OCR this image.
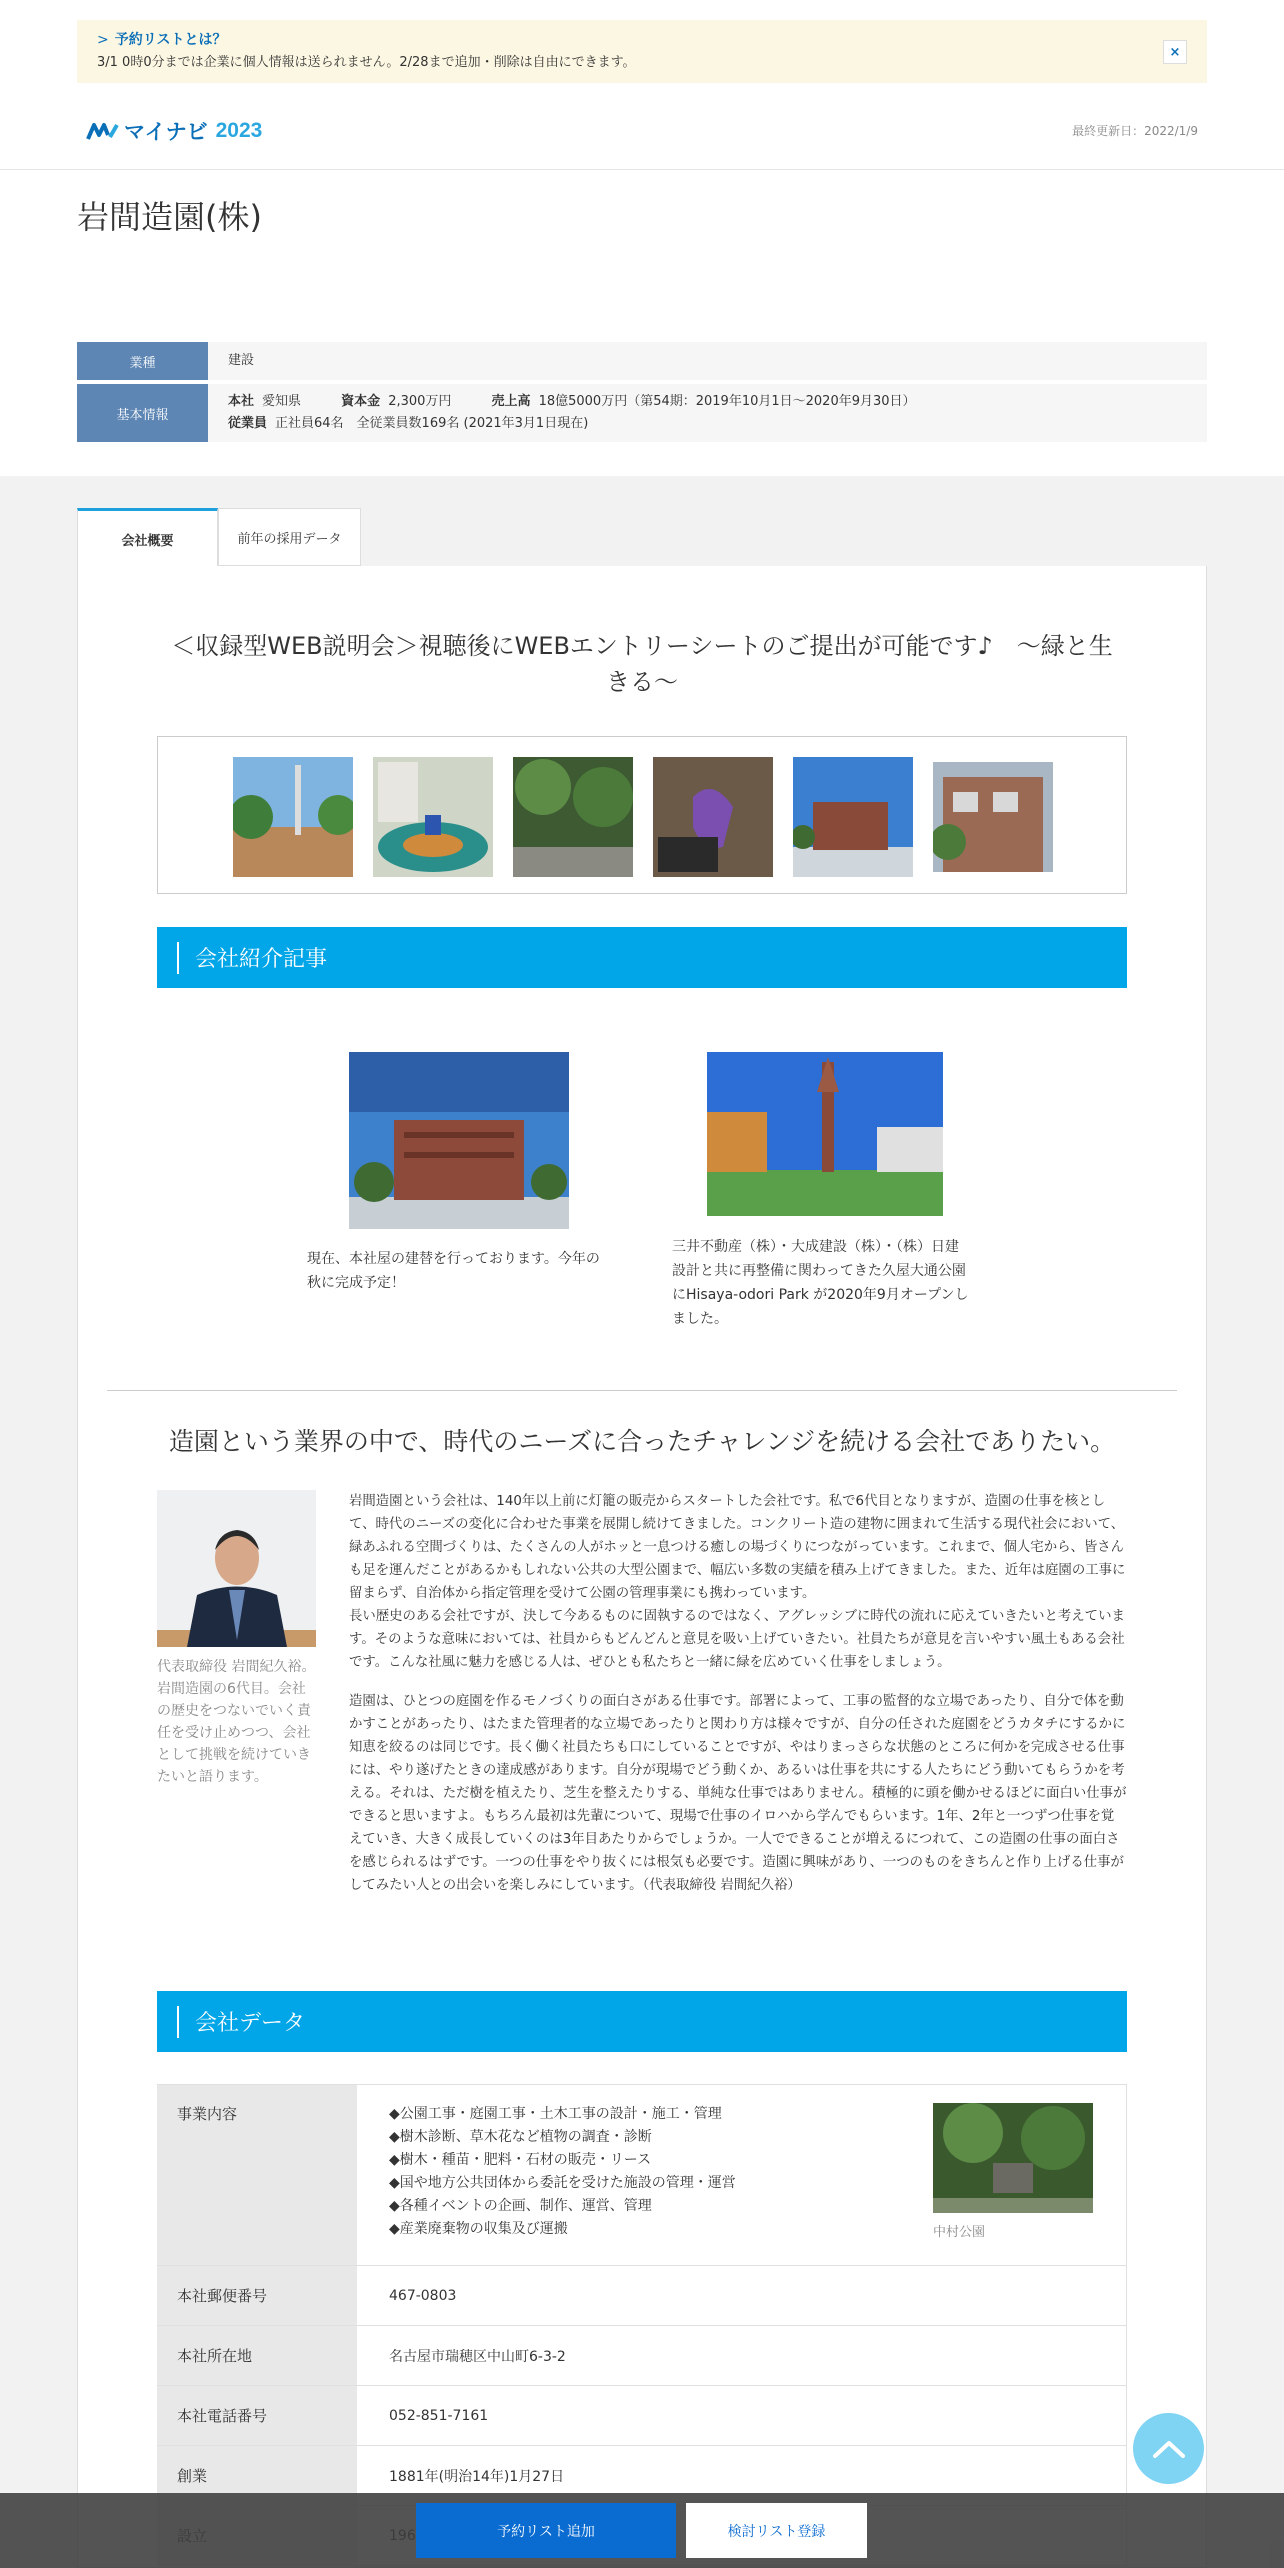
> 予約リストとは？
3/1 0時0分までは企業に個人情報は送られません。2/28まで追加・削除は自由にできます。
×
マイナビ 2023	最終更新日：2022/1/9
岩間造園(株)
業種	建設
基本情報
本社 愛知県	資本金 2,300万円	売上高 18億5000万円（第54期：2019年10月1日～2020年9月30日）
従業員 正社員64名　全従業員数169名 (2021年3月1日現在)
会社概要	前年の採用データ
＜収録型WEB説明会＞視聴後にWEBエントリーシートのご提出が可能です♪　～緑と生きる～
会社紹介記事
現在、本社屋の建替を行っております。今年の秋に完成予定！
三井不動産（株）・大成建設（株）・（株）日建設計と共に再整備に関わってきた久屋大通公園にHisaya-odori Park が2020年9月オープンしました。
造園という業界の中で、時代のニーズに合ったチャレンジを続ける会社でありたい。
代表取締役 岩間紀久裕。岩間造園の6代目。会社の歴史をつないでいく責任を受け止めつつ、会社として挑戦を続けていきたいと語ります。

岩間造園という会社は、140年以上前に灯籠の販売からスタートした会社です。私で6代目となりますが、造園の仕事を核として、時代のニーズの変化に合わせた事業を展開し続けてきました。コンクリート造の建物に囲まれて生活する現代社会において、緑あふれる空間づくりは、たくさんの人がホッと一息つける癒しの場づくりにつながっています。これまで、個人宅から、皆さんも足を運んだことがあるかもしれない公共の大型公園まで、幅広い多数の実績を積み上げてきました。また、近年は庭園の工事に留まらず、自治体から指定管理を受けて公園の管理事業にも携わっています。

長い歴史のある会社ですが、決して今あるものに固執するのではなく、アグレッシブに時代の流れに応えていきたいと考えています。そのような意味においては、社員からもどんどんと意見を吸い上げていきたい。社員たちが意見を言いやすい風土もある会社です。こんな社風に魅力を感じる人は、ぜひとも私たちと一緒に緑を広めていく仕事をしましょう。

造園は、ひとつの庭園を作るモノづくりの面白さがある仕事です。部署によって、工事の監督的な立場であったり、自分で体を動かすことがあったり、はたまた管理者的な立場であったりと関わり方は様々ですが、自分の任された庭園をどうカタチにするかに知恵を絞るのは同じです。長く働く社員たちも口にしていることですが、やはりまっさらな状態のところに何かを完成させる仕事には、やり遂げたときの達成感があります。自分が現場でどう動くか、あるいは仕事を共にする人たちにどう動いてもらうかを考える。それは、ただ樹を植えたり、芝生を整えたりする、単純な仕事ではありません。積極的に頭を働かせるほどに面白い仕事ができると思いますよ。もちろん最初は先輩について、現場で仕事のイロハから学んでもらいます。1年、2年と一つずつ仕事を覚えていき、大きく成長していくのは3年目あたりからでしょうか。一人でできることが増えるにつれて、この造園の仕事の面白さを感じられるはずです。一つの仕事をやり抜くには根気も必要です。造園に興味があり、一つのものをきちんと作り上げる仕事がしてみたい人との出会いを楽しみにしています。（代表取締役 岩間紀久裕）

会社データ
事業内容	◆公園工事・庭園工事・土木工事の設計・施工・管理
◆樹木診断、草木花など植物の調査・診断
◆樹木・種苗・肥料・石材の販売・リース
◆国や地方公共団体から委託を受けた施設の管理・運営
◆各種イベントの企画、制作、運営、管理
◆産業廃棄物の収集及び運搬	中村公園
本社郵便番号	467-0803
本社所在地	名古屋市瑞穂区中山町6-3-2
本社電話番号	052-851-7161
創業	1881年(明治14年)1月27日
予約リスト追加	検討リスト登録
